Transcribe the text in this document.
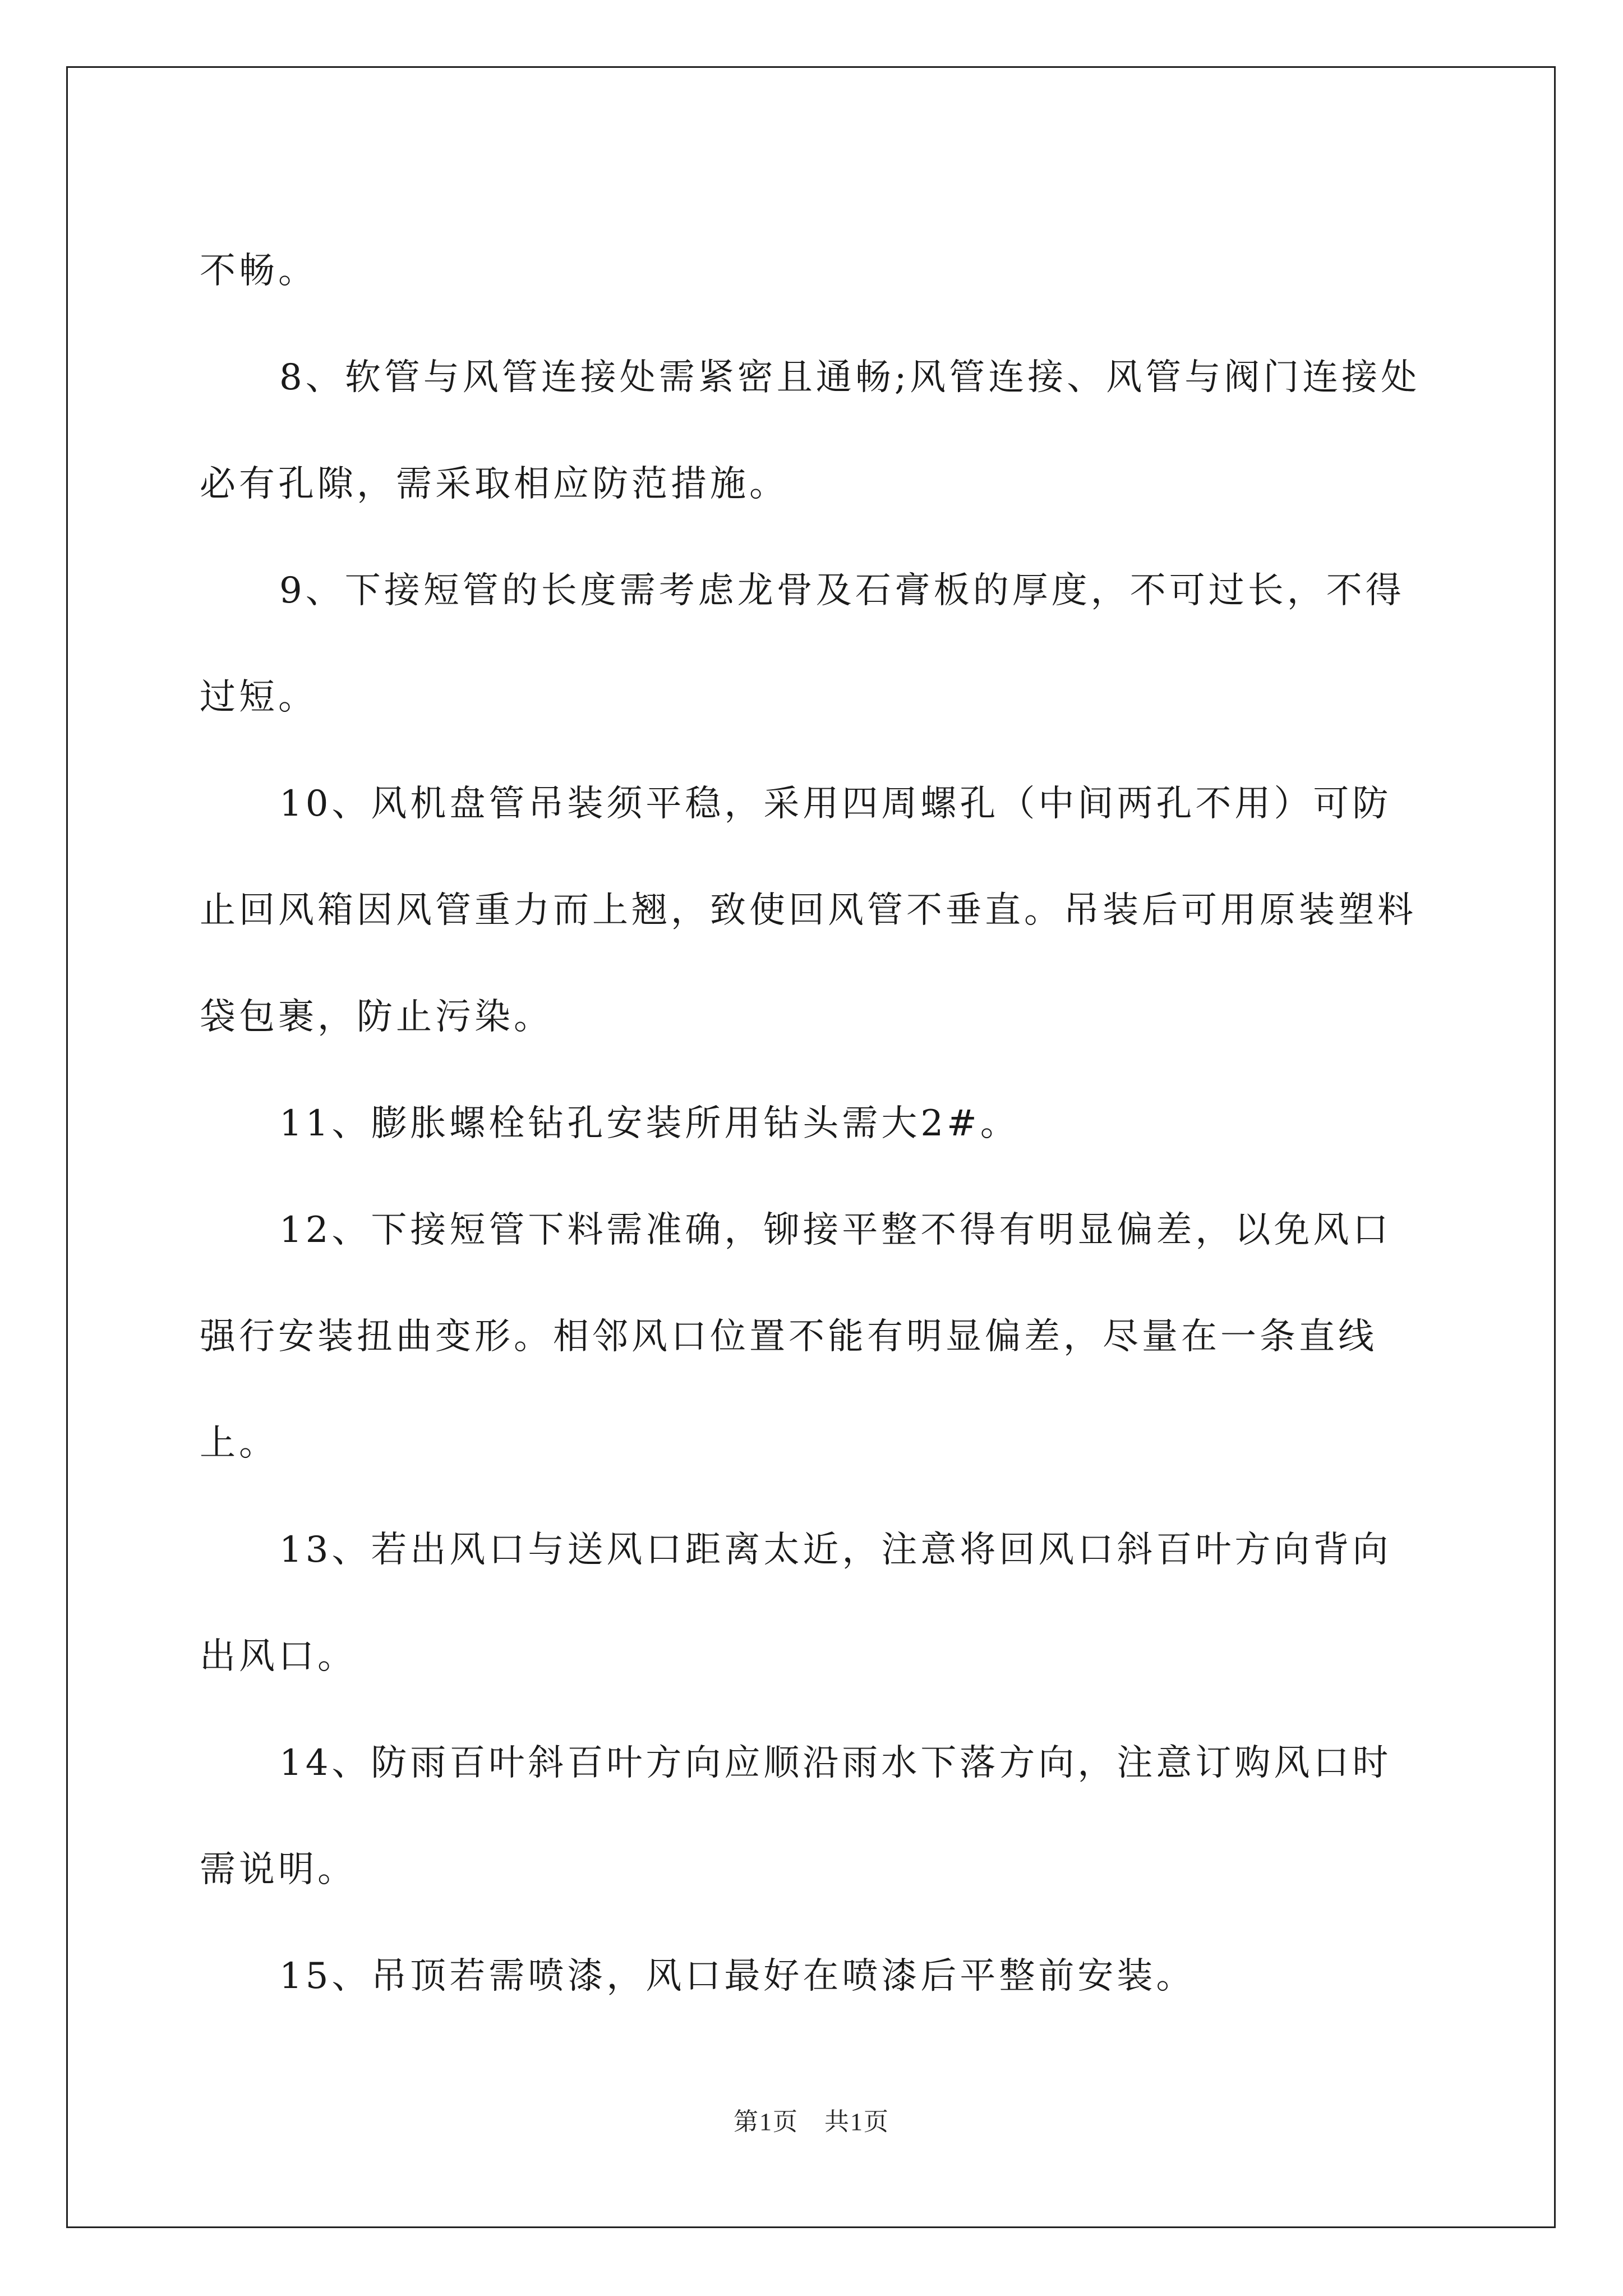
不畅。

8、软管与风管连接处需紧密且通畅;风管连接、风管与阀门连接处必有孔隙，需采取相应防范措施。

9、下接短管的长度需考虑龙骨及石膏板的厚度，不可过长，不得过短。

10、风机盘管吊装须平稳，采用四周螺孔（中间两孔不用）可防止回风箱因风管重力而上翘，致使回风管不垂直。吊装后可用原装塑料袋包裹，防止污染。

11、膨胀螺栓钻孔安装所用钻头需大2#。

12、下接短管下料需准确，铆接平整不得有明显偏差，以免风口强行安装扭曲变形。相邻风口位置不能有明显偏差，尽量在一条直线上。

13、若出风口与送风口距离太近，注意将回风口斜百叶方向背向出风口。

14、防雨百叶斜百叶方向应顺沿雨水下落方向，注意订购风口时需说明。

15、吊顶若需喷漆，风口最好在喷漆后平整前安装。

第1页　共1页
